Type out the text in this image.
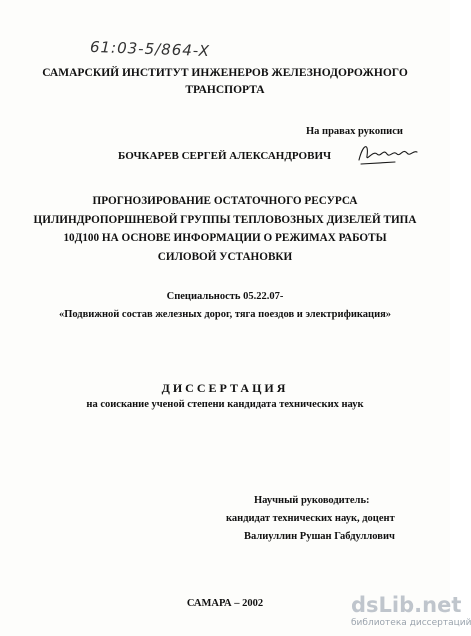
61:03-5/864-X
САМАРСКИЙ ИНСТИТУТ ИНЖЕНЕРОВ ЖЕЛЕЗНОДОРОЖНОГО
ТРАНСПОРТА
На правах рукописи
БОЧКАРЕВ СЕРГЕЙ АЛЕКСАНДРОВИЧ
ПРОГНОЗИРОВАНИЕ ОСТАТОЧНОГО РЕСУРСА
ЦИЛИНДРОПОРШНЕВОЙ ГРУППЫ ТЕПЛОВОЗНЫХ ДИЗЕЛЕЙ ТИПА
10Д100 НА ОСНОВЕ ИНФОРМАЦИИ О РЕЖИМАХ РАБОТЫ
СИЛОВОЙ УСТАНОВКИ
Специальность 05.22.07-
«Подвижной состав железных дорог, тяга поездов и электрификация»
ДИССЕРТАЦИЯ
на соискание ученой степени кандидата технических наук
Научный руководитель:
кандидат технических наук, доцент
Валиуллин Рушан Габдуллович
САМАРА – 2002	dsLib.net
библиотека диссертаций
